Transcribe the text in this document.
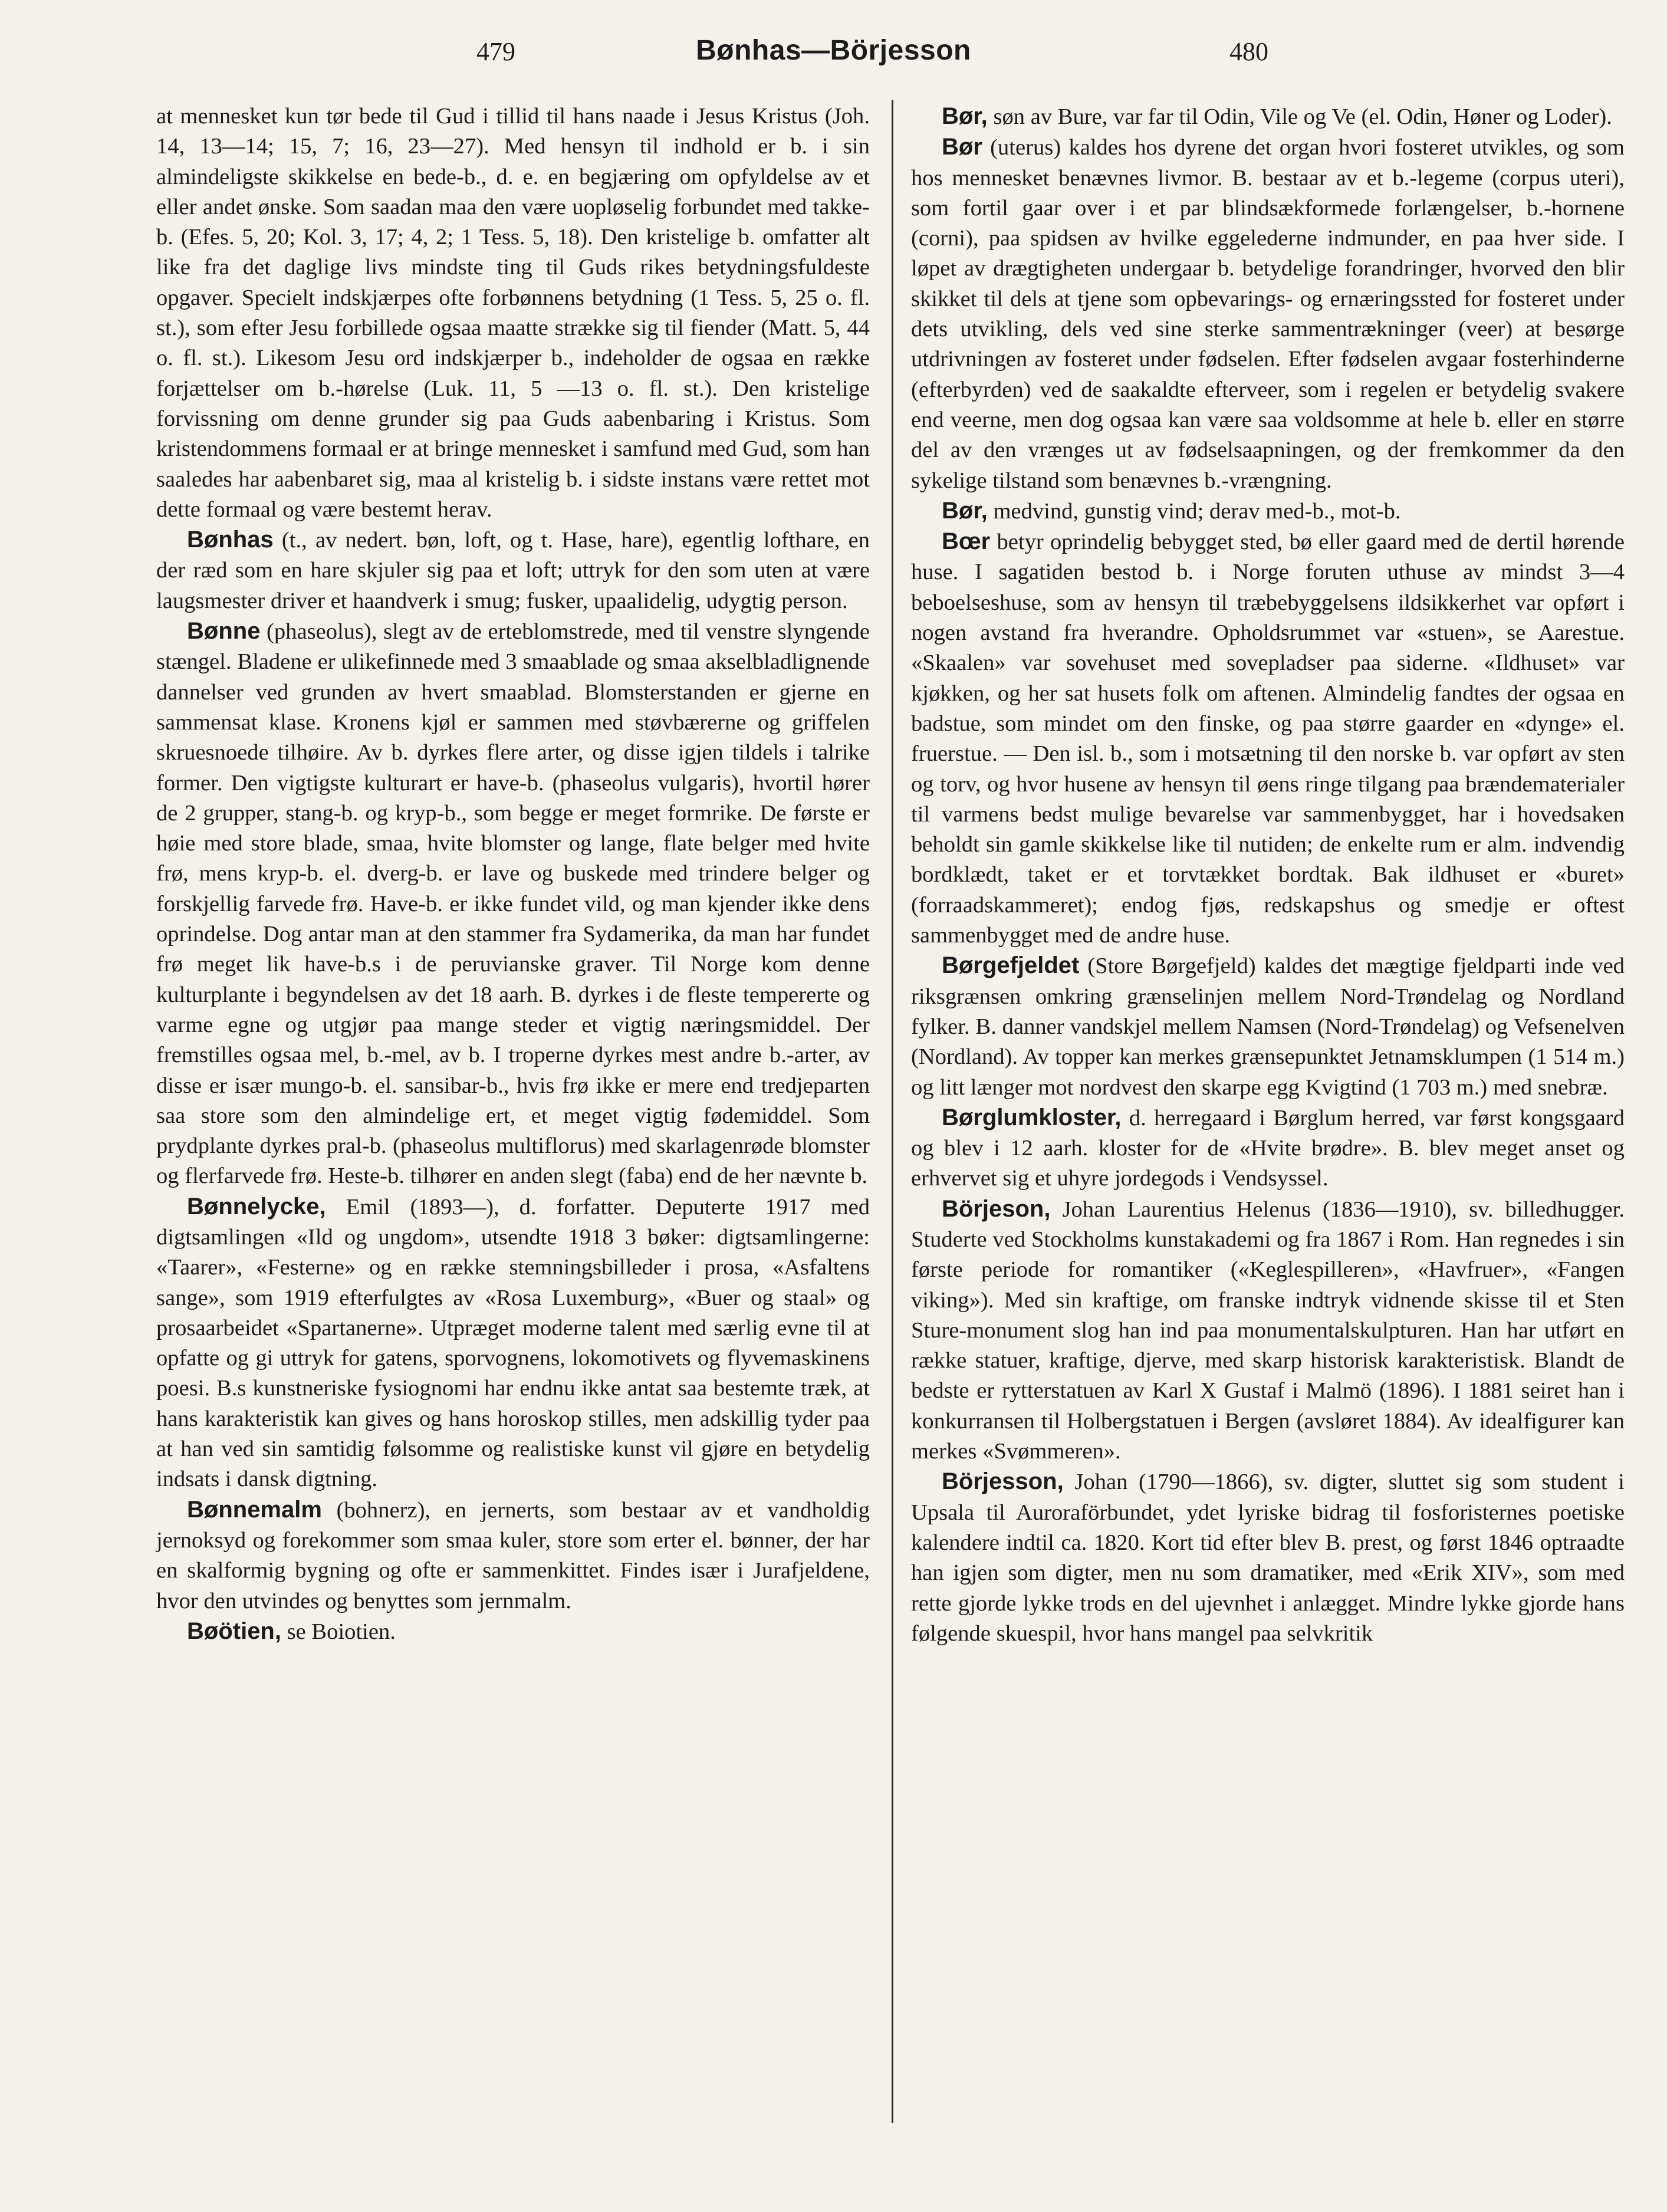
479	Bønhas—Börjesson	480

at mennesket kun tør bede til Gud i tillid til hans naade i Jesus Kristus (Joh. 14, 13—14; 15, 7; 16, 23—27). Med hensyn til indhold er b. i sin almindeligste skikkelse en bede-b., d. e. en begjæring om opfyldelse av et eller andet ønske. Som saadan maa den være uopløselig forbundet med takke-b. (Efes. 5, 20; Kol. 3, 17; 4, 2; 1 Tess. 5, 18). Den kristelige b. omfatter alt like fra det daglige livs mindste ting til Guds rikes betydningsfuldeste opgaver. Specielt indskjærpes ofte forbønnens betydning (1 Tess. 5, 25 o. fl. st.), som efter Jesu forbillede ogsaa maatte strække sig til fiender (Matt. 5, 44 o. fl. st.). Likesom Jesu ord indskjærper b., indeholder de ogsaa en række forjættelser om b.-hørelse (Luk. 11, 5 —13 o. fl. st.). Den kristelige forvissning om denne grunder sig paa Guds aabenbaring i Kristus. Som kristendommens formaal er at bringe mennesket i samfund med Gud, som han saaledes har aabenbaret sig, maa al kristelig b. i sidste instans være rettet mot dette formaal og være bestemt herav.

Bønhas (t., av nedert. bøn, loft, og t. Hase, hare), egentlig lofthare, en der ræd som en hare skjuler sig paa et loft; uttryk for den som uten at være laugsmester driver et haandverk i smug; fusker, upaalidelig, udygtig person.

Bønne (phaseolus), slegt av de erteblomstrede, med til venstre slyngende stængel. Bladene er ulikefinnede med 3 smaablade og smaa akselbladlignende dannelser ved grunden av hvert smaablad. Blomsterstanden er gjerne en sammensat klase. Kronens kjøl er sammen med støvbærerne og griffelen skruesnoede tilhøire. Av b. dyrkes flere arter, og disse igjen tildels i talrike former. Den vigtigste kulturart er have-b. (phaseolus vulgaris), hvortil hører de 2 grupper, stang-b. og kryp-b., som begge er meget formrike. De første er høie med store blade, smaa, hvite blomster og lange, flate belger med hvite frø, mens kryp-b. el. dverg-b. er lave og buskede med trindere belger og forskjellig farvede frø. Have-b. er ikke fundet vild, og man kjender ikke dens oprindelse. Dog antar man at den stammer fra Sydamerika, da man har fundet frø meget lik have-b.s i de peruvianske graver. Til Norge kom denne kulturplante i begyndelsen av det 18 aarh. B. dyrkes i de fleste tempererte og varme egne og utgjør paa mange steder et vigtig næringsmiddel. Der fremstilles ogsaa mel, b.-mel, av b. I troperne dyrkes mest andre b.-arter, av disse er især mungo-b. el. sansibar-b., hvis frø ikke er mere end tredjeparten saa store som den almindelige ert, et meget vigtig fødemiddel. Som prydplante dyrkes pral-b. (phaseolus multiflorus) med skarlagenrøde blomster og flerfarvede frø. Heste-b. tilhører en anden slegt (faba) end de her nævnte b.

Bønnelycke, Emil (1893—), d. forfatter. Deputerte 1917 med digtsamlingen «Ild og ungdom», utsendte 1918 3 bøker: digtsamlingerne: «Taarer», «Festerne» og en række stemningsbilleder i prosa, «Asfaltens sange», som 1919 efterfulgtes av «Rosa Luxemburg», «Buer og staal» og prosaarbeidet «Spartanerne». Utpræget moderne talent med særlig evne til at opfatte og gi uttryk for gatens, sporvognens, lokomotivets og flyvemaskinens poesi. B.s kunstneriske fysiognomi har endnu ikke antat saa bestemte træk, at hans karakteristik kan gives og hans horoskop stilles, men adskillig tyder paa at han ved sin samtidig følsomme og realistiske kunst vil gjøre en betydelig indsats i dansk digtning.

Bønnemalm (bohnerz), en jernerts, som bestaar av et vandholdig jernoksyd og forekommer som smaa kuler, store som erter el. bønner, der har en skalformig bygning og ofte er sammenkittet. Findes især i Jurafjeldene, hvor den utvindes og benyttes som jernmalm.

Bøötien, se Boiotien.

Bør, søn av Bure, var far til Odin, Vile og Ve (el. Odin, Høner og Loder).

Bør (uterus) kaldes hos dyrene det organ hvori fosteret utvikles, og som hos mennesket benævnes livmor. B. bestaar av et b.-legeme (corpus uteri), som fortil gaar over i et par blindsækformede forlængelser, b.-hornene (corni), paa spidsen av hvilke eggelederne indmunder, en paa hver side. I løpet av drægtigheten undergaar b. betydelige forandringer, hvorved den blir skikket til dels at tjene som opbevarings- og ernæringssted for fosteret under dets utvikling, dels ved sine sterke sammentrækninger (veer) at besørge utdrivningen av fosteret under fødselen. Efter fødselen avgaar fosterhinderne (efterbyrden) ved de saakaldte efterveer, som i regelen er betydelig svakere end veerne, men dog ogsaa kan være saa voldsomme at hele b. eller en større del av den vrænges ut av fødselsaapningen, og der fremkommer da den sykelige tilstand som benævnes b.-vrængning.

Bør, medvind, gunstig vind; derav med-b., mot-b.

Bœr betyr oprindelig bebygget sted, bø eller gaard med de dertil hørende huse. I sagatiden bestod b. i Norge foruten uthuse av mindst 3—4 beboelseshuse, som av hensyn til træbebyggelsens ildsikkerhet var opført i nogen avstand fra hverandre. Opholdsrummet var «stuen», se Aarestue. «Skaalen» var sovehuset med sovepladser paa siderne. «Ildhuset» var kjøkken, og her sat husets folk om aftenen. Almindelig fandtes der ogsaa en badstue, som mindet om den finske, og paa større gaarder en «dynge» el. fruerstue. — Den isl. b., som i motsætning til den norske b. var opført av sten og torv, og hvor husene av hensyn til øens ringe tilgang paa brændematerialer til varmens bedst mulige bevarelse var sammenbygget, har i hovedsaken beholdt sin gamle skikkelse like til nutiden; de enkelte rum er alm. indvendig bordklædt, taket er et torvtækket bordtak. Bak ildhuset er «buret» (forraadskammeret); endog fjøs, redskapshus og smedje er oftest sammenbygget med de andre huse.

Børgefjeldet (Store Børgefjeld) kaldes det mægtige fjeldparti inde ved riksgrænsen omkring grænselinjen mellem Nord-Trøndelag og Nordland fylker. B. danner vandskjel mellem Namsen (Nord-Trøndelag) og Vefsenelven (Nordland). Av topper kan merkes grænsepunktet Jetnamsklumpen (1 514 m.) og litt længer mot nordvest den skarpe egg Kvigtind (1 703 m.) med snebræ.

Børglumkloster, d. herregaard i Børglum herred, var først kongsgaard og blev i 12 aarh. kloster for de «Hvite brødre». B. blev meget anset og erhvervet sig et uhyre jordegods i Vendsyssel.

Börjeson, Johan Laurentius Helenus (1836—1910), sv. billedhugger. Studerte ved Stockholms kunstakademi og fra 1867 i Rom. Han regnedes i sin første periode for romantiker («Keglespilleren», «Havfruer», «Fangen viking»). Med sin kraftige, om franske indtryk vidnende skisse til et Sten Sture-monument slog han ind paa monumentalskulpturen. Han har utført en række statuer, kraftige, djerve, med skarp historisk karakteristisk. Blandt de bedste er rytterstatuen av Karl X Gustaf i Malmö (1896). I 1881 seiret han i konkurransen til Holbergstatuen i Bergen (avsløret 1884). Av idealfigurer kan merkes «Svømmeren».

Börjesson, Johan (1790—1866), sv. digter, sluttet sig som student i Upsala til Auroraförbundet, ydet lyriske bidrag til fosforisternes poetiske kalendere indtil ca. 1820. Kort tid efter blev B. prest, og først 1846 optraadte han igjen som digter, men nu som dramatiker, med «Erik XIV», som med rette gjorde lykke trods en del ujevnhet i anlægget. Mindre lykke gjorde hans følgende skuespil, hvor hans mangel paa selvkritik
